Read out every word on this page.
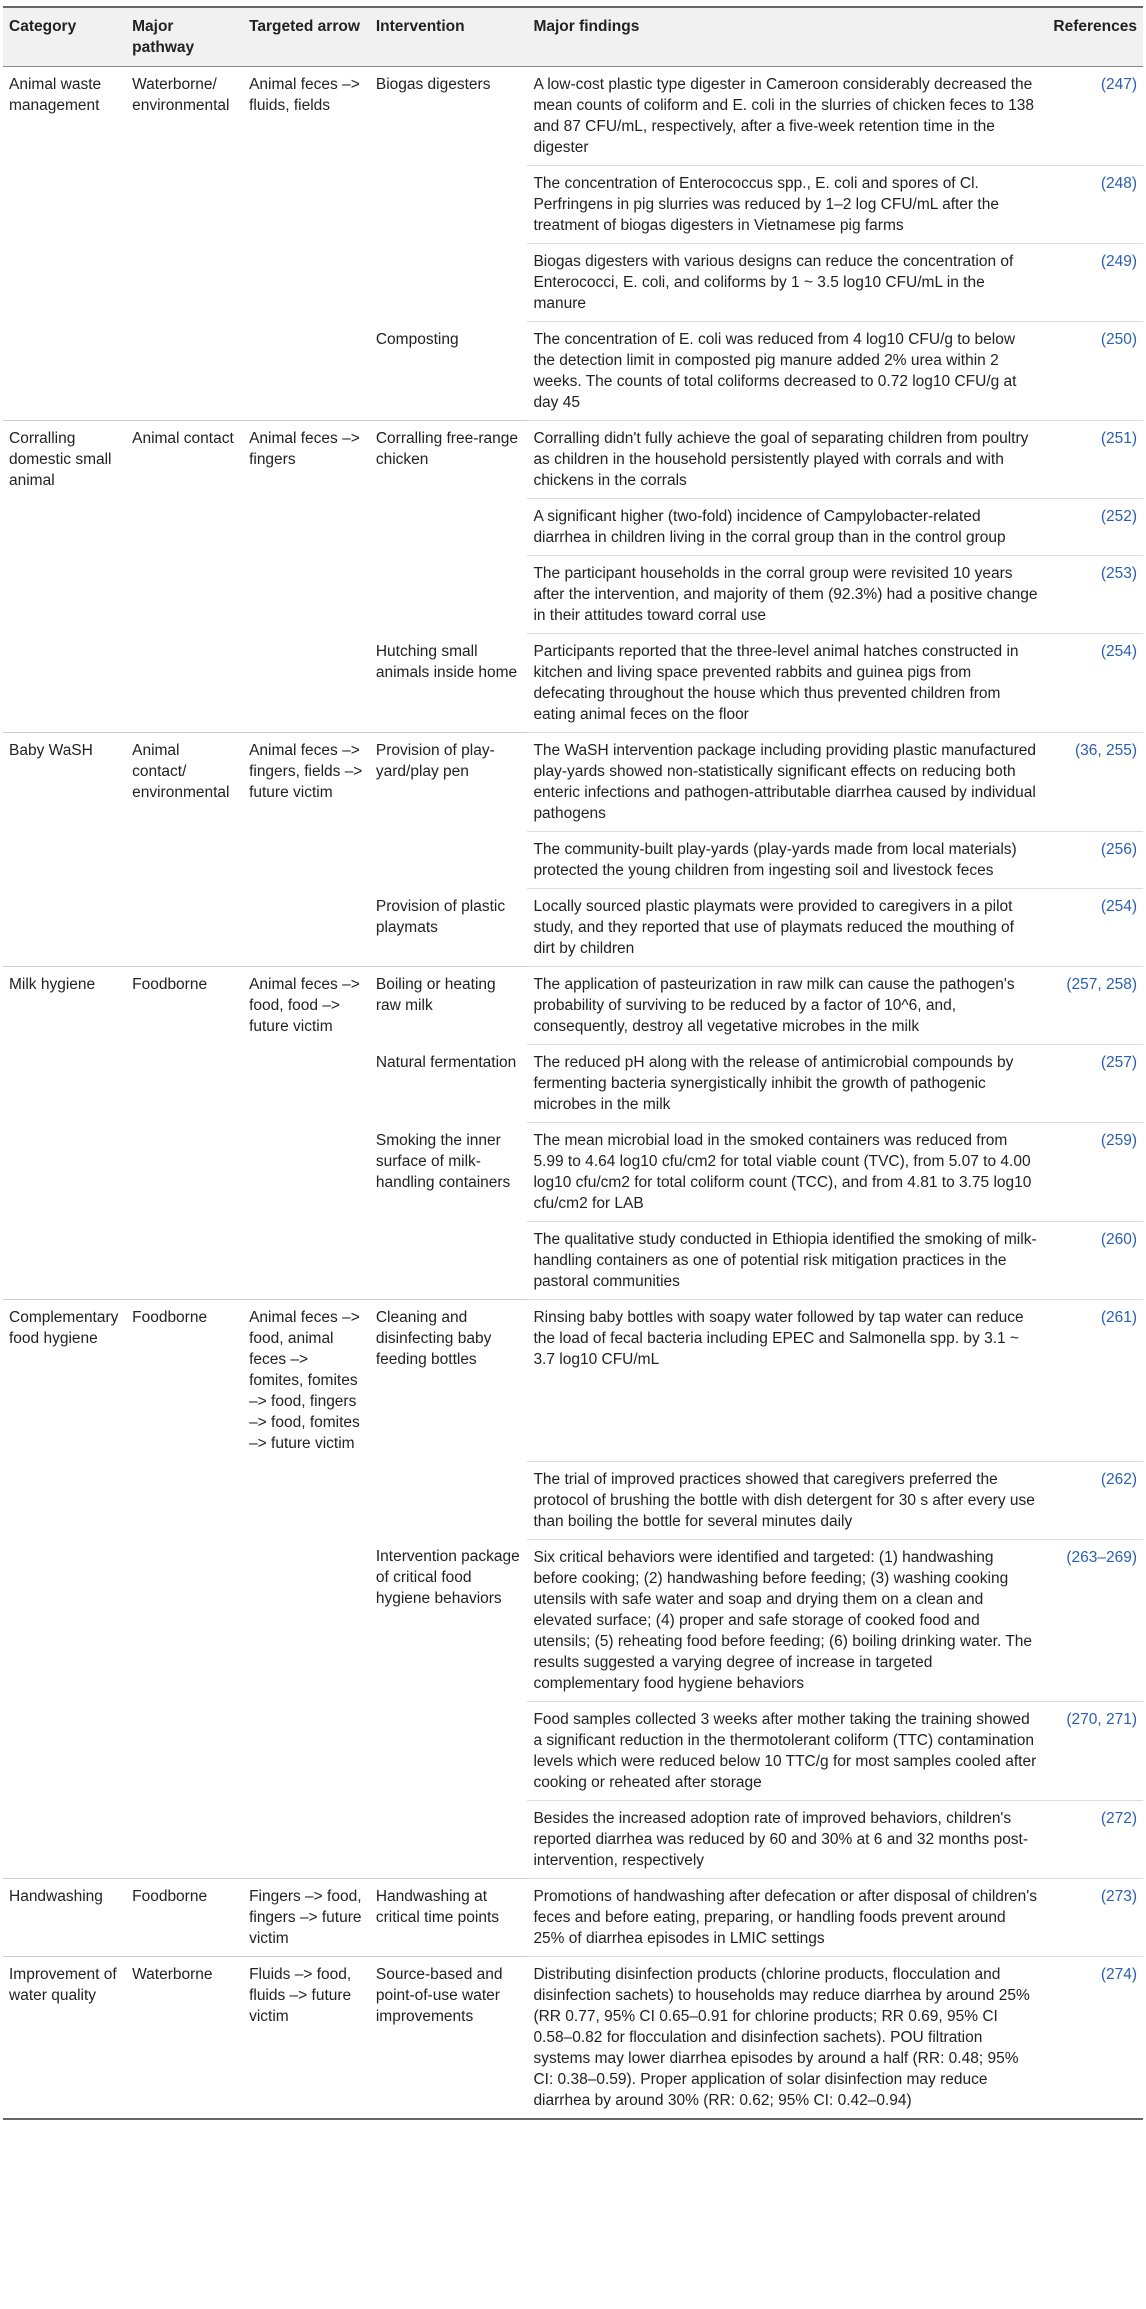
Category	Major pathway	Targeted arrow	Intervention	Major findings	References
Animal waste management	Waterborne/ environmental	Animal feces –> fluids, fields	Biogas digesters	A low-cost plastic type digester in Cameroon considerably decreased the mean counts of coliform and E. coli in the slurries of chicken feces to 138 and 87 CFU/mL, respectively, after a five-week retention time in the digester	(247)
				The concentration of Enterococcus spp., E. coli and spores of Cl. Perfringens in pig slurries was reduced by 1–2 log CFU/mL after the treatment of biogas digesters in Vietnamese pig farms	(248)
				Biogas digesters with various designs can reduce the concentration of Enterococci, E. coli, and coliforms by 1 ~ 3.5 log10 CFU/mL in the manure	(249)
			Composting	The concentration of E. coli was reduced from 4 log10 CFU/g to below the detection limit in composted pig manure added 2% urea within 2 weeks. The counts of total coliforms decreased to 0.72 log10 CFU/g at day 45	(250)
Corralling domestic small animal	Animal contact	Animal feces –> fingers	Corralling free-range chicken	Corralling didn't fully achieve the goal of separating children from poultry as children in the household persistently played with corrals and with chickens in the corrals	(251)
				A significant higher (two-fold) incidence of Campylobacter-related diarrhea in children living in the corral group than in the control group	(252)
				The participant households in the corral group were revisited 10 years after the intervention, and majority of them (92.3%) had a positive change in their attitudes toward corral use	(253)
			Hutching small animals inside home	Participants reported that the three-level animal hatches constructed in kitchen and living space prevented rabbits and guinea pigs from defecating throughout the house which thus prevented children from eating animal feces on the floor	(254)
Baby WaSH	Animal contact/ environmental	Animal feces –> fingers, fields –> future victim	Provision of play-yard/play pen	The WaSH intervention package including providing plastic manufactured play-yards showed non-statistically significant effects on reducing both enteric infections and pathogen-attributable diarrhea caused by individual pathogens	(36, 255)
				The community-built play-yards (play-yards made from local materials) protected the young children from ingesting soil and livestock feces	(256)
			Provision of plastic playmats	Locally sourced plastic playmats were provided to caregivers in a pilot study, and they reported that use of playmats reduced the mouthing of dirt by children	(254)
Milk hygiene	Foodborne	Animal feces –> food, food –> future victim	Boiling or heating raw milk	The application of pasteurization in raw milk can cause the pathogen's probability of surviving to be reduced by a factor of 10^6, and, consequently, destroy all vegetative microbes in the milk	(257, 258)
			Natural fermentation	The reduced pH along with the release of antimicrobial compounds by fermenting bacteria synergistically inhibit the growth of pathogenic microbes in the milk	(257)
			Smoking the inner surface of milk-handling containers	The mean microbial load in the smoked containers was reduced from 5.99 to 4.64 log10 cfu/cm2 for total viable count (TVC), from 5.07 to 4.00 log10 cfu/cm2 for total coliform count (TCC), and from 4.81 to 3.75 log10 cfu/cm2 for LAB	(259)
				The qualitative study conducted in Ethiopia identified the smoking of milk-handling containers as one of potential risk mitigation practices in the pastoral communities	(260)
Complementary food hygiene	Foodborne	Animal feces –> food, animal feces –> fomites, fomites –> food, fingers –> food, fomites –> future victim	Cleaning and disinfecting baby feeding bottles	Rinsing baby bottles with soapy water followed by tap water can reduce the load of fecal bacteria including EPEC and Salmonella spp. by 3.1 ~ 3.7 log10 CFU/mL	(261)
				The trial of improved practices showed that caregivers preferred the protocol of brushing the bottle with dish detergent for 30 s after every use than boiling the bottle for several minutes daily	(262)
			Intervention package of critical food hygiene behaviors	Six critical behaviors were identified and targeted: (1) handwashing before cooking; (2) handwashing before feeding; (3) washing cooking utensils with safe water and soap and drying them on a clean and elevated surface; (4) proper and safe storage of cooked food and utensils; (5) reheating food before feeding; (6) boiling drinking water. The results suggested a varying degree of increase in targeted complementary food hygiene behaviors	(263–269)
				Food samples collected 3 weeks after mother taking the training showed a significant reduction in the thermotolerant coliform (TTC) contamination levels which were reduced below 10 TTC/g for most samples cooled after cooking or reheated after storage	(270, 271)
				Besides the increased adoption rate of improved behaviors, children's reported diarrhea was reduced by 60 and 30% at 6 and 32 months post-intervention, respectively	(272)
Handwashing	Foodborne	Fingers –> food, fingers –> future victim	Handwashing at critical time points	Promotions of handwashing after defecation or after disposal of children's feces and before eating, preparing, or handling foods prevent around 25% of diarrhea episodes in LMIC settings	(273)
Improvement of water quality	Waterborne	Fluids –> food, fluids –> future victim	Source-based and point-of-use water improvements	Distributing disinfection products (chlorine products, flocculation and disinfection sachets) to households may reduce diarrhea by around 25% (RR 0.77, 95% CI 0.65–0.91 for chlorine products; RR 0.69, 95% CI 0.58–0.82 for flocculation and disinfection sachets). POU filtration systems may lower diarrhea episodes by around a half (RR: 0.48; 95% CI: 0.38–0.59). Proper application of solar disinfection may reduce diarrhea by around 30% (RR: 0.62; 95% CI: 0.42–0.94)	(274)
